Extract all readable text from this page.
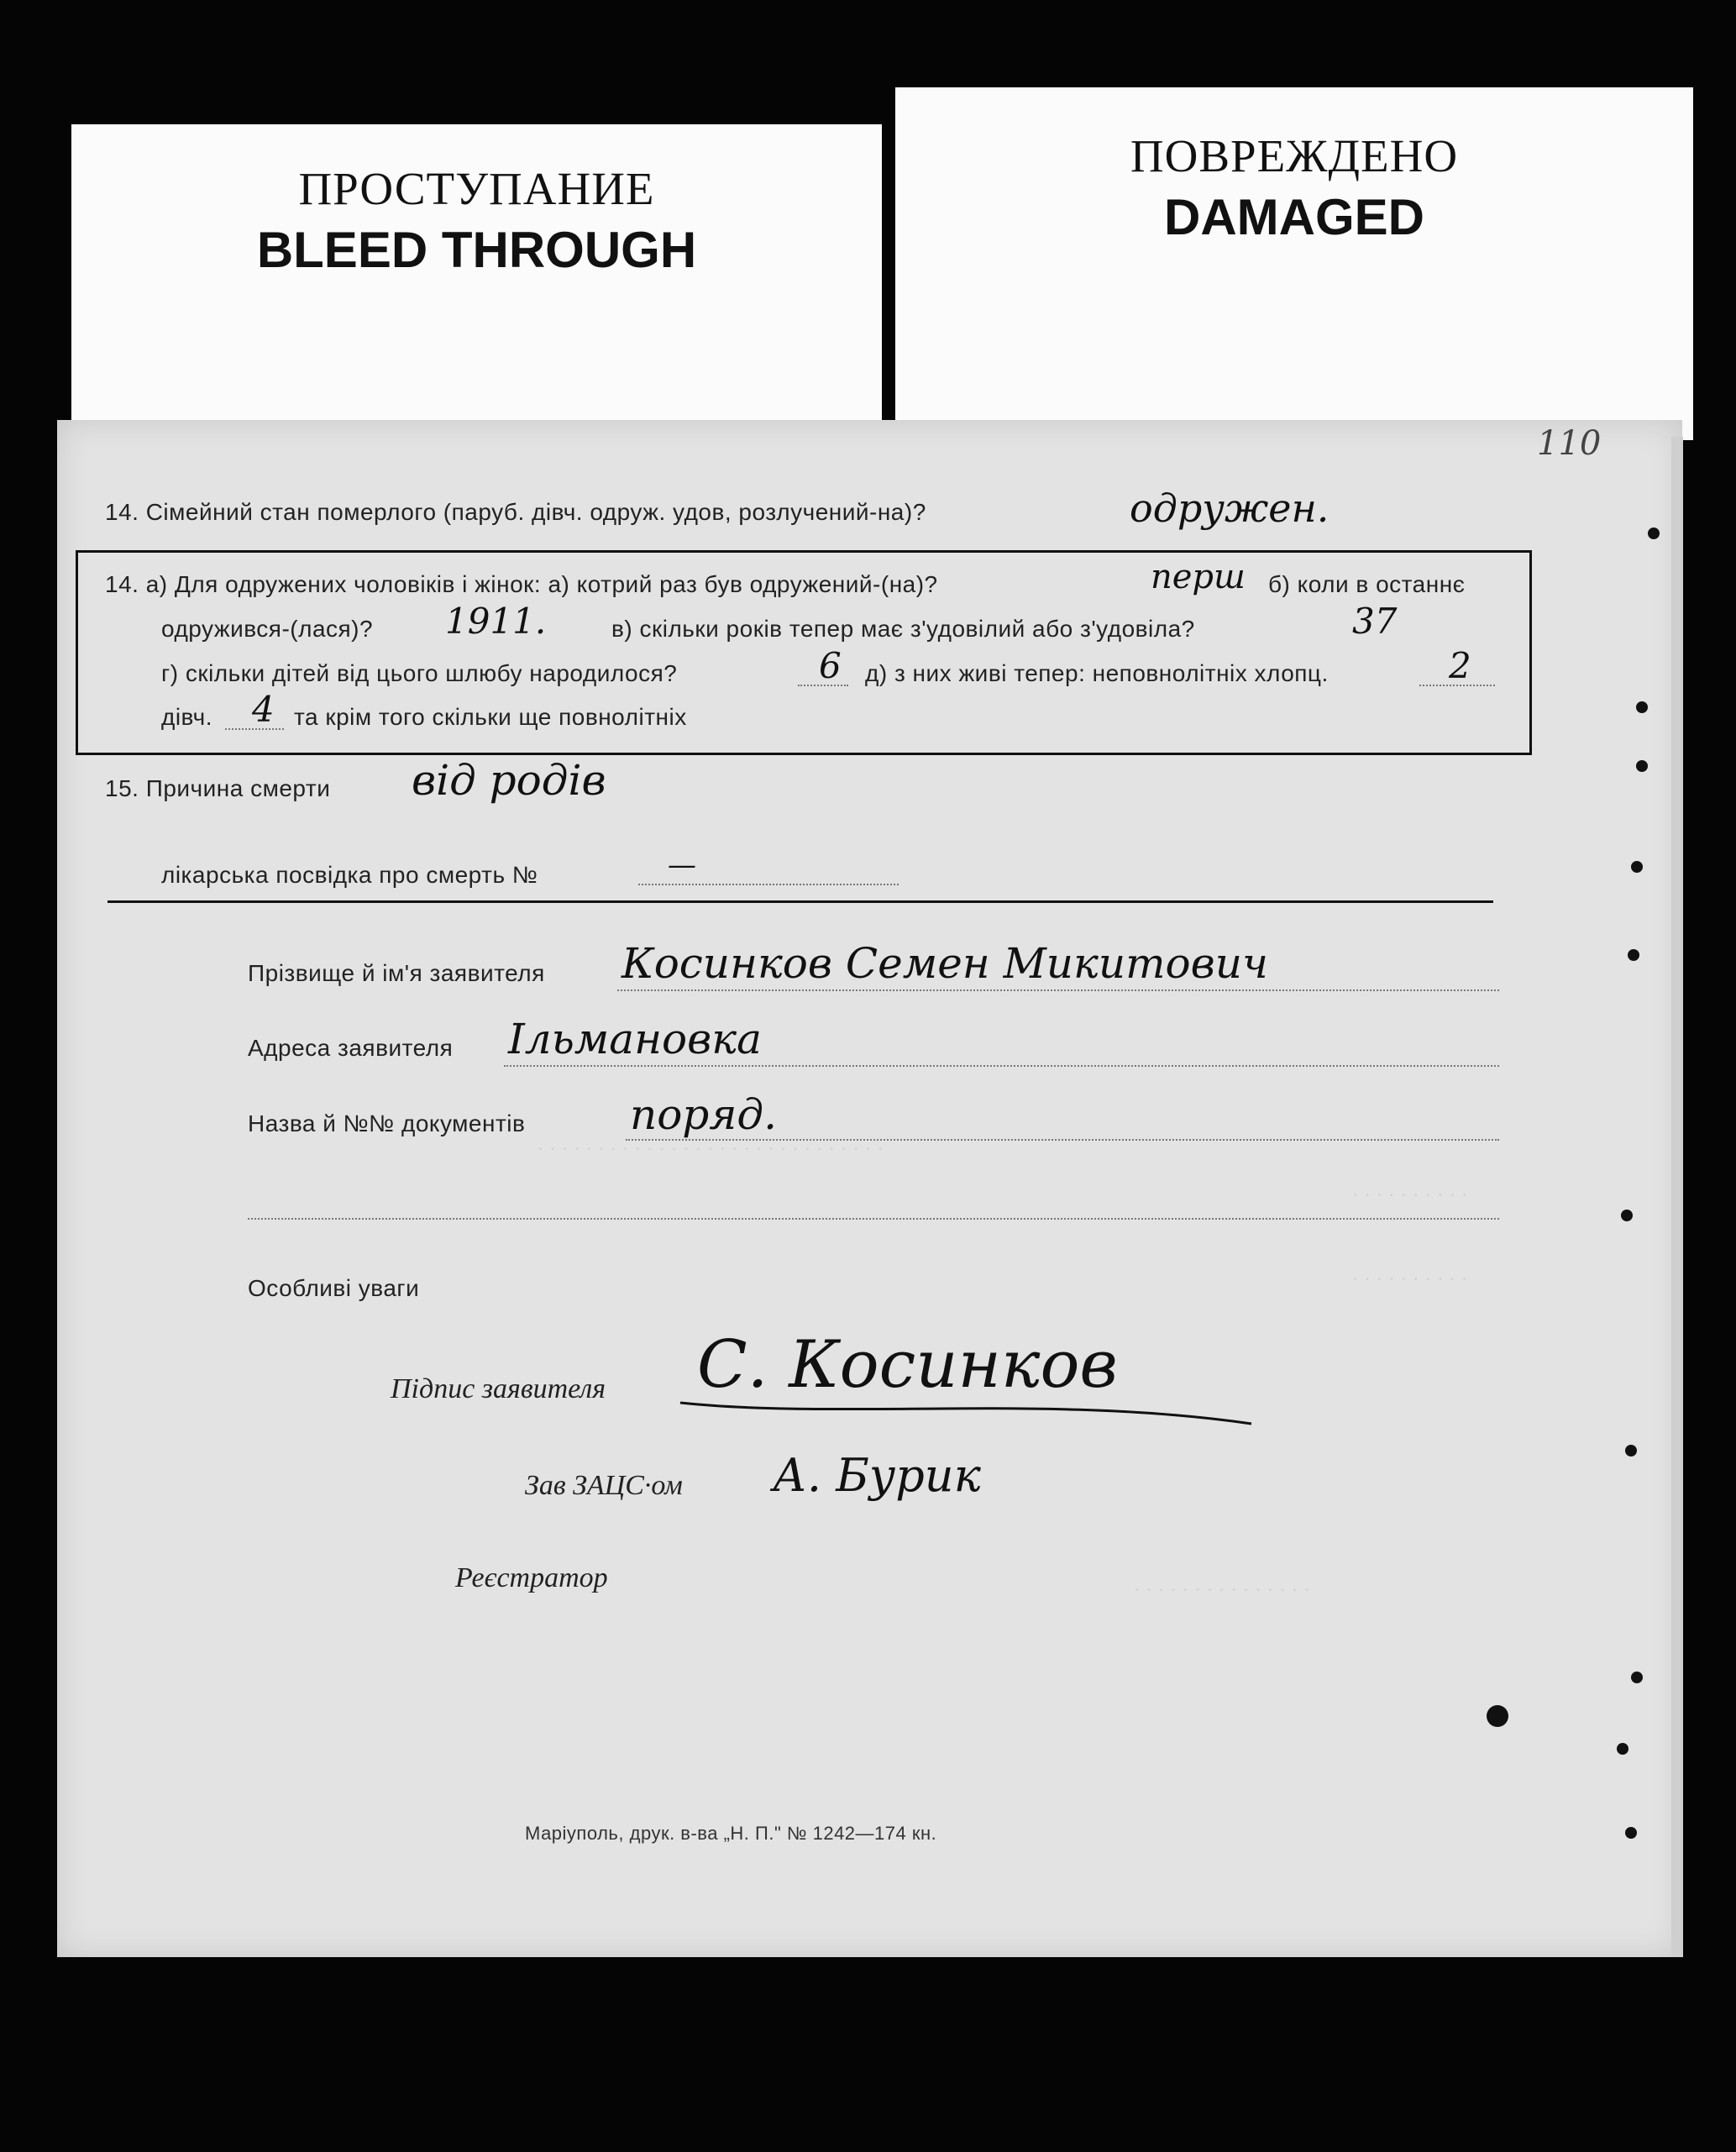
ПРОСТУПАНИЕ
BLEED THROUGH
ПОВРЕЖДЕНО
DAMAGED
110
. . . . . . . . . . . . . . . . . . . . . . . . . . . . .
. . . . . . . . . .
. . . . . . . . . .
. . . . . . . . . . . . . . .
14. Сімейний стан померлого (паруб. дівч. одруж. удов, розлучений-на)?	одружен.
14. а) Для одружених чоловіків і жінок: а) котрий раз був одружений-(на)?	перш б) коли в останнє
одружився-(лася)? 1911.	в) скільки років тепер має з'удовілий або з'удовіла?	37
г) скільки дітей від цього шлюбу народилося?	6 д) з них живі тепер: неповнолітніх хлопц.	2
дівч. 4 та крім того скільки ще повнолітніх
15. Причина смерти від родів
лікарська посвідка про смерть №	—
Прізвище й ім'я заявителя Косинков Семен Микитович
Адреса заявителя Ільмановка
Назва й №№ документів поряд.
Особливі уваги
Підпис заявителя С. Косинков
Зав ЗАЦС·ом А. Бурик
Реєстратор
Маріуполь, друк. в-ва „Н. П." № 1242—174 кн.
